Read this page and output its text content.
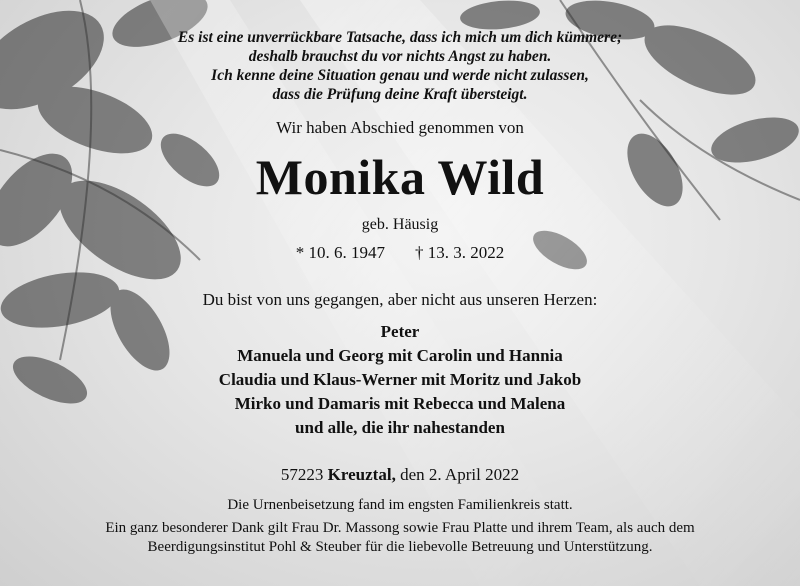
Es ist eine unverrückbare Tatsache, dass ich mich um dich kümmere;
deshalb brauchst du vor nichts Angst zu haben.
Ich kenne deine Situation genau und werde nicht zulassen,
dass die Prüfung deine Kraft übersteigt.
Wir haben Abschied genommen von
Monika Wild
geb. Häusig
* 10. 6. 1947 † 13. 3. 2022
Du bist von uns gegangen, aber nicht aus unseren Herzen:
Peter
Manuela und Georg mit Carolin und Hannia
Claudia und Klaus-Werner mit Moritz und Jakob
Mirko und Damaris mit Rebecca und Malena
und alle, die ihr nahestanden
57223 Kreuztal, den 2. April 2022
Die Urnenbeisetzung fand im engsten Familienkreis statt.
Ein ganz besonderer Dank gilt Frau Dr. Massong sowie Frau Platte und ihrem Team, als auch dem
Beerdigungsinstitut Pohl & Steuber für die liebevolle Betreuung und Unterstützung.
